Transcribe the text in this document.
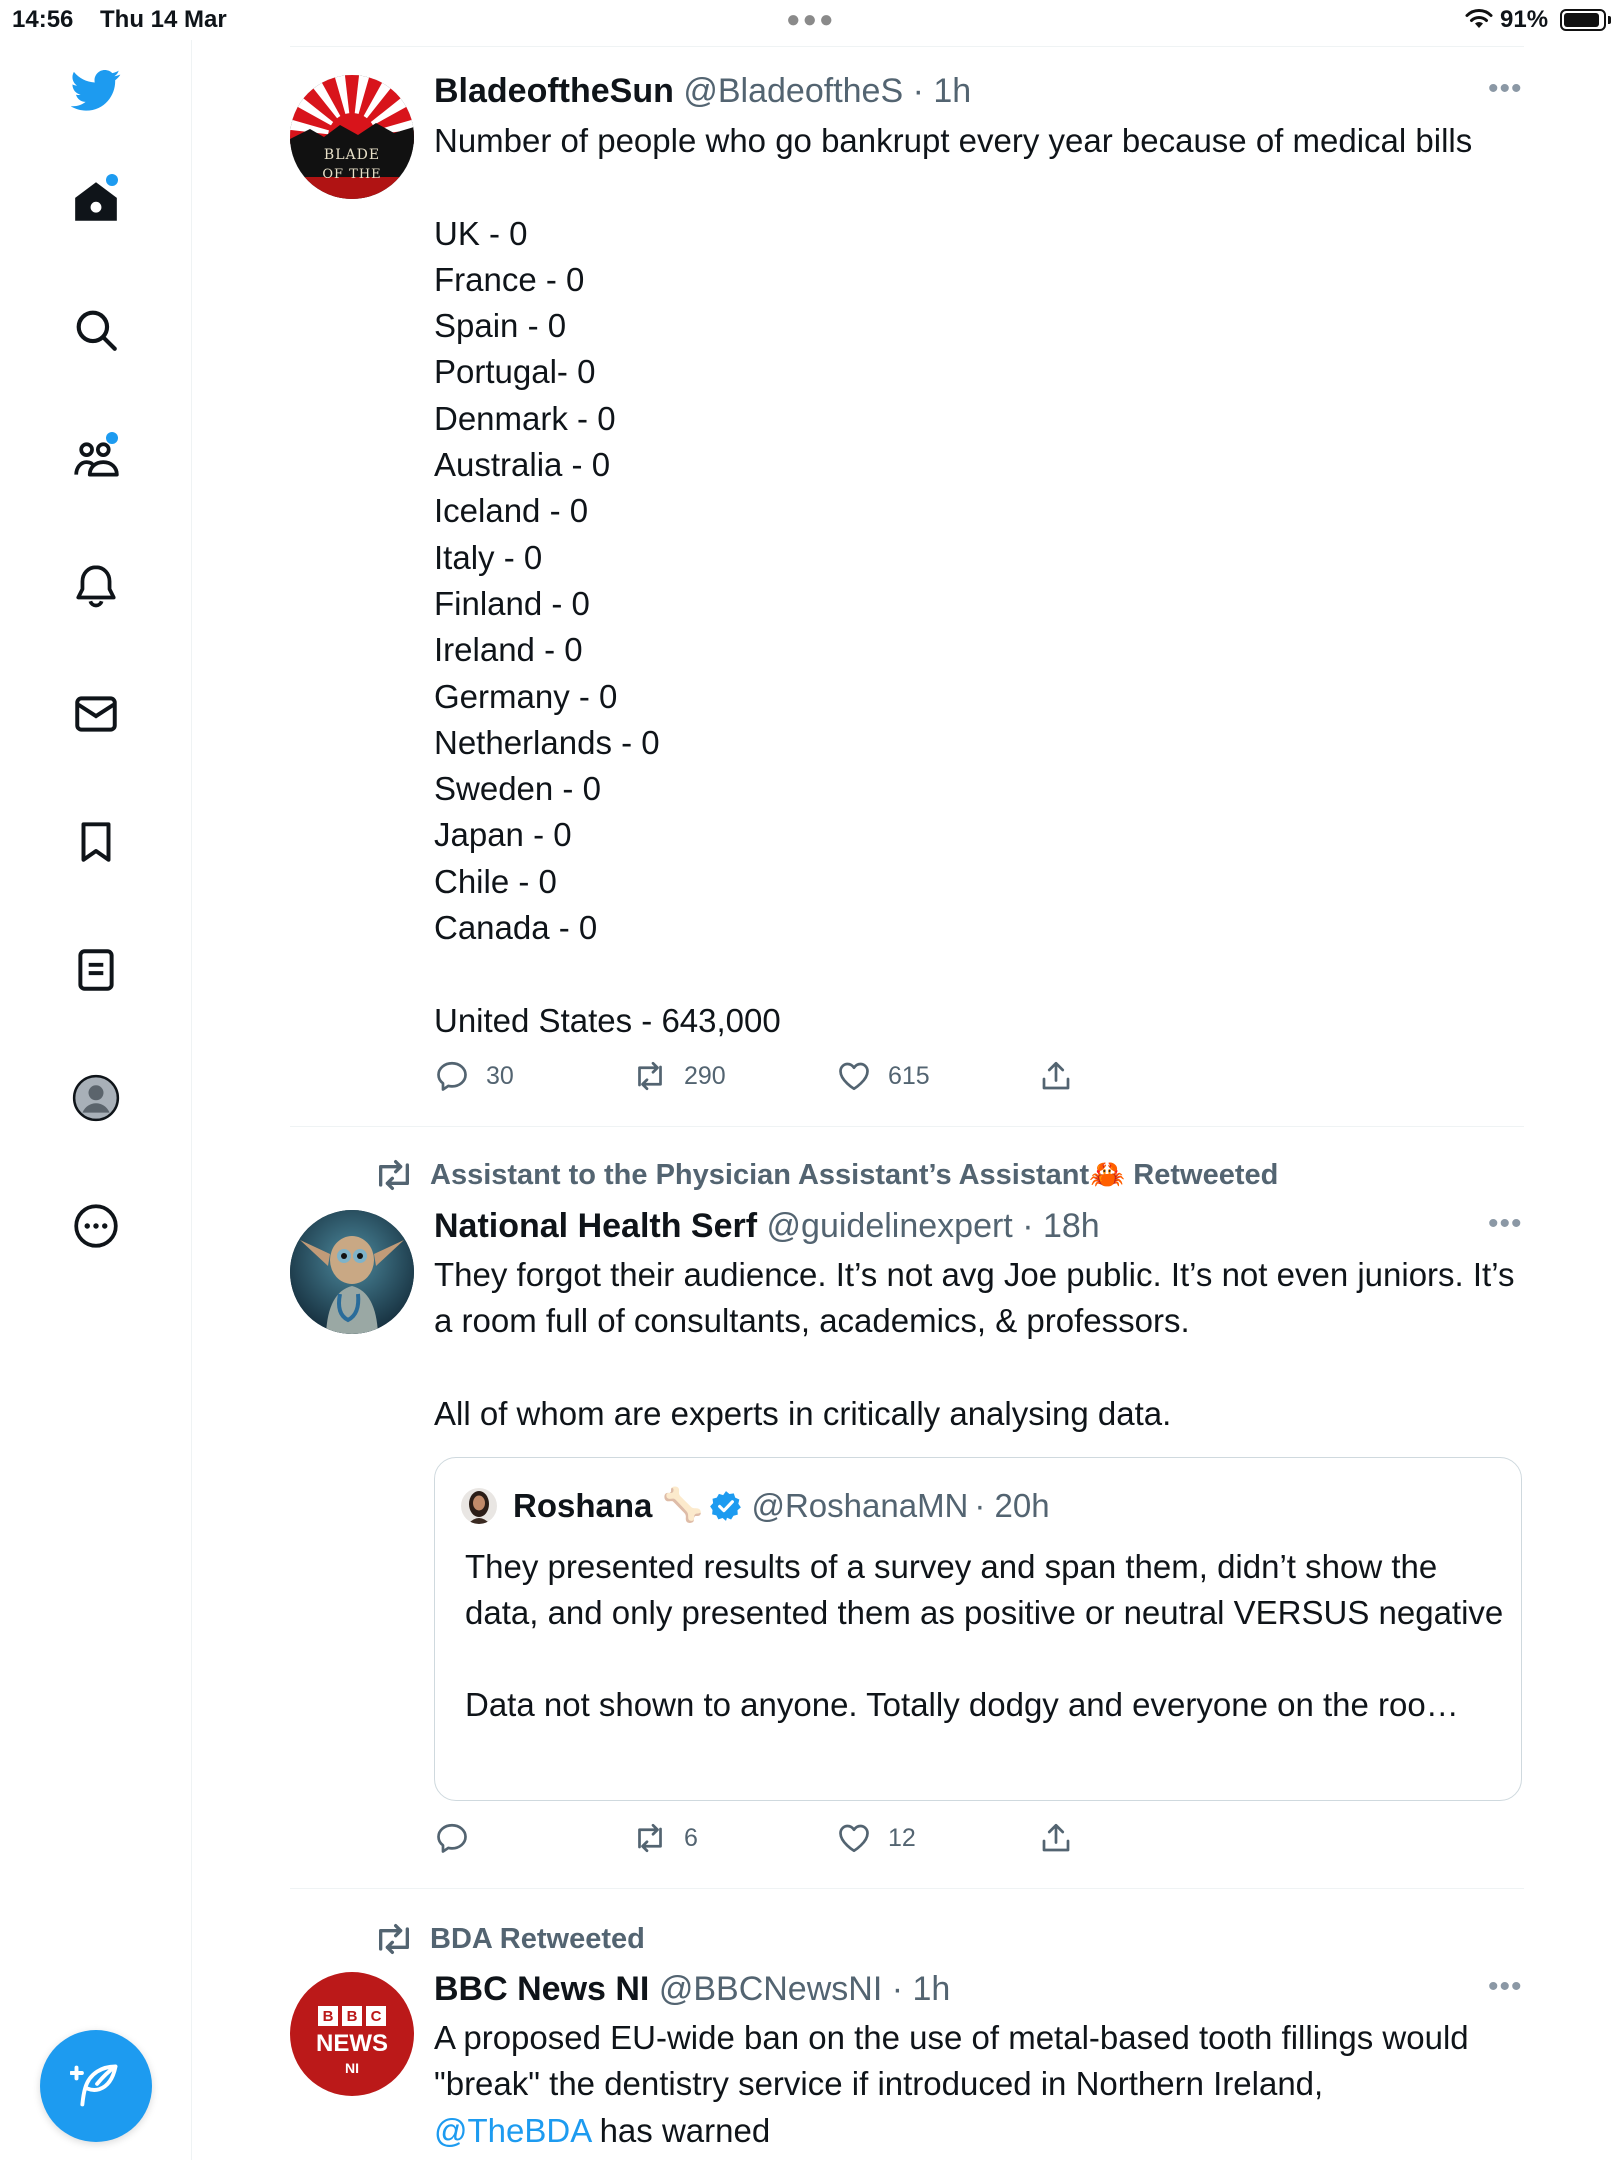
14:56 Thu 14 Mar	●●●	91%
BLADE
OF THE
BladeoftheSun @BladeoftheS · 1h	•••
Number of people who go bankrupt every year because of medical bills

UK - 0
France - 0
Spain - 0
Portugal- 0
Denmark - 0
Australia - 0
Iceland - 0
Italy - 0
Finland - 0
Ireland - 0
Germany - 0
Netherlands - 0
Sweden - 0
Japan - 0
Chile - 0
Canada - 0

United States - 643,000
30	290	615
Assistant to the Physician Assistant’s Assistant🦀 Retweeted
National Health Serf @guidelinexpert · 18h	•••
They forgot their audience. It’s not avg Joe public. It’s not even juniors. It’s a room full of consultants, academics, & professors.

All of whom are experts in critically analysing data.
Roshana 🦴 @RoshanaMN · 20h
They presented results of a survey and span them, didn’t show the data, and only presented them as positive or neutral VERSUS negative

Data not shown to anyone. Totally dodgy and everyone on the roo…
6	12
BDA Retweeted
B B C
NEWS
NI
BBC News NI @BBCNewsNI · 1h	•••
A proposed EU-wide ban on the use of metal-based tooth fillings would "break" the dentistry service if introduced in Northern Ireland,
@TheBDA has warned
